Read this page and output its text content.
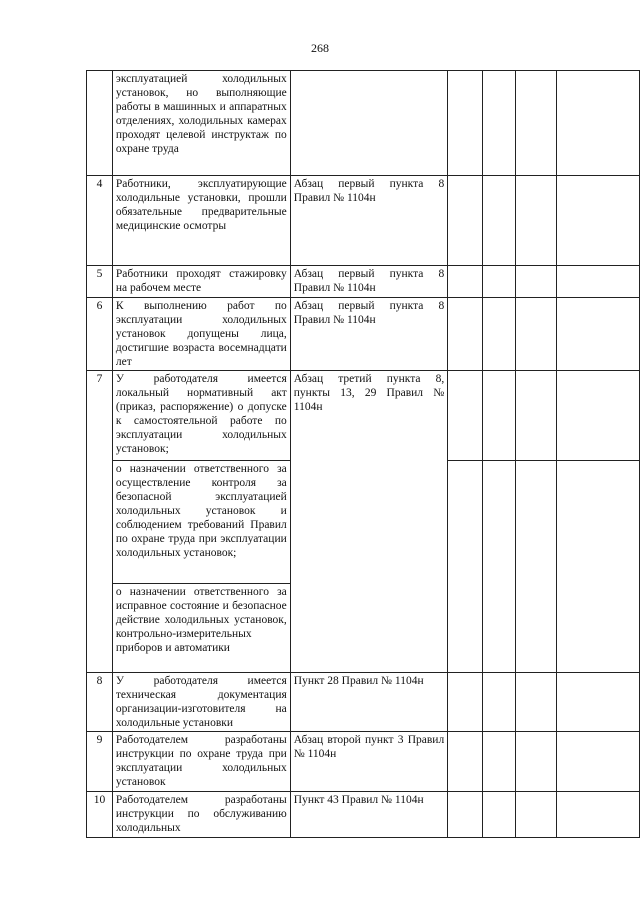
268
	эксплуатацией холодильных установок, но выполняющие работы в машинных и аппаратных отделениях, холодильных камерах проходят целевой инструктаж по охране труда					
4	Работники, эксплуатирующие холодильные установки, прошли обязательные предварительные медицинские осмотры	Абзац первый пункта 8 Правил № 1104н				
5	Работники проходят стажировку на рабочем месте	Абзац первый пункта 8 Правил № 1104н				
6	К выполнению работ по эксплуатации холодильных установок допущены лица, достигшие возраста восемнадцати лет	Абзац первый пункта 8 Правил № 1104н				
7	У работодателя имеется локальный нормативный акт (приказ, распоряжение) о допуске к самостоятельной работе по эксплуатации холодильных установок;	Абзац третий пункта 8, пункты 13, 29 Правил № 1104н				
	о назначении ответственного за осуществление контроля за безопасной эксплуатацией холодильных установок и соблюдением требований Правил по охране труда при эксплуатации холодильных установок;					
	о назначении ответственного за исправное состояние и безопасное действие холодильных установок, контрольно-измерительных приборов и автоматики					
8	У работодателя имеется техническая документация организации-изготовителя на холодильные установки	Пункт 28 Правил № 1104н				
9	Работодателем разработаны инструкции по охране труда при эксплуатации холодильных установок	Абзац второй пункт 3 Правил № 1104н				
10	Работодателем разработаны инструкции по обслуживанию холодильных	Пункт 43 Правил № 1104н				
